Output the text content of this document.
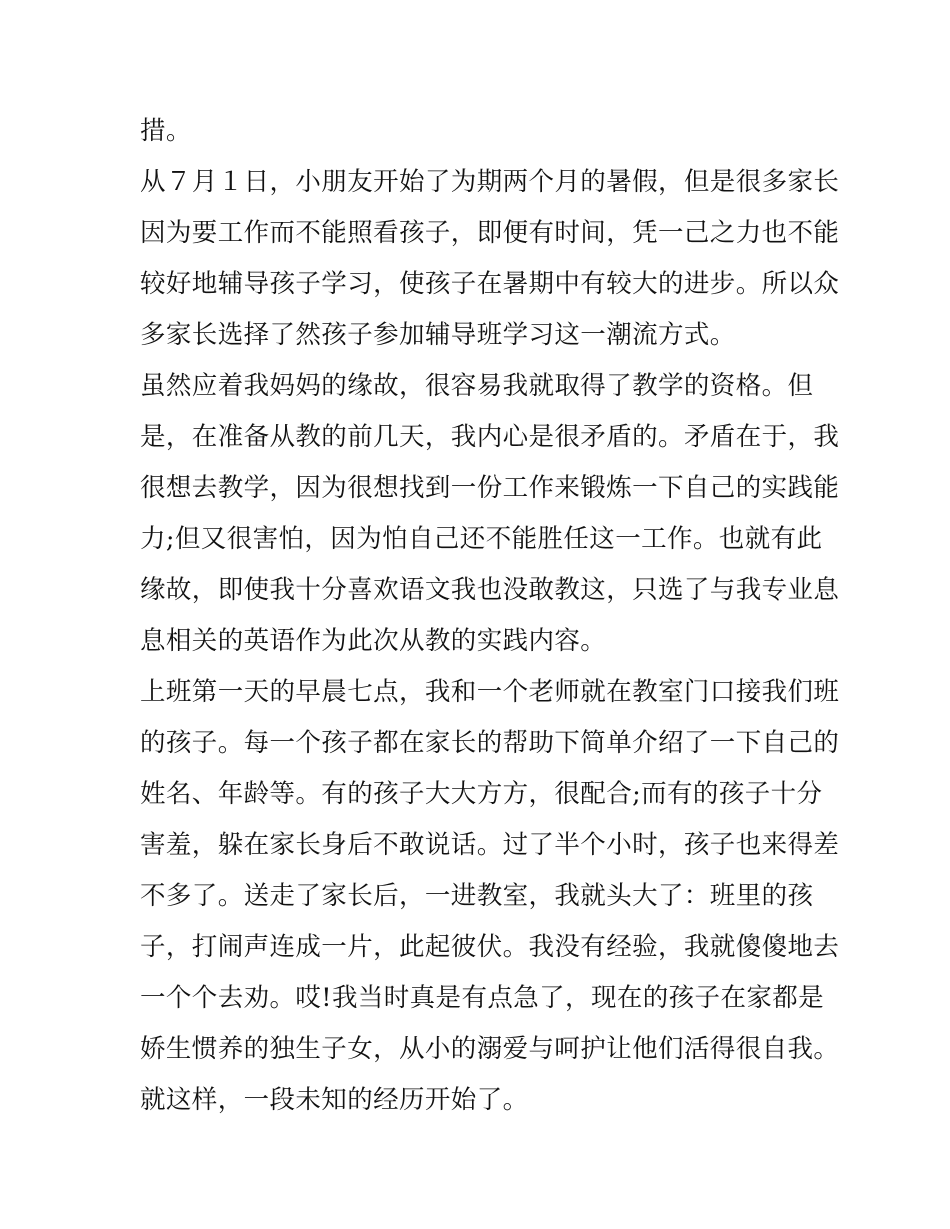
措。
从７月１日，小朋友开始了为期两个月的暑假，但是很多家长
因为要工作而不能照看孩子，即便有时间，凭一己之力也不能
较好地辅导孩子学习，使孩子在暑期中有较大的进步。所以众
多家长选择了然孩子参加辅导班学习这一潮流方式。
虽然应着我妈妈的缘故，很容易我就取得了教学的资格。但
是，在准备从教的前几天，我内心是很矛盾的。矛盾在于，我
很想去教学，因为很想找到一份工作来锻炼一下自己的实践能
力;但又很害怕，因为怕自己还不能胜任这一工作。也就有此
缘故，即使我十分喜欢语文我也没敢教这，只选了与我专业息
息相关的英语作为此次从教的实践内容。
上班第一天的早晨七点，我和一个老师就在教室门口接我们班
的孩子。每一个孩子都在家长的帮助下简单介绍了一下自己的
姓名、年龄等。有的孩子大大方方，很配合;而有的孩子十分
害羞，躲在家长身后不敢说话。过了半个小时，孩子也来得差
不多了。送走了家长后，一进教室，我就头大了：班里的孩
子，打闹声连成一片，此起彼伏。我没有经验，我就傻傻地去
一个个去劝。哎!我当时真是有点急了，现在的孩子在家都是
娇生惯养的独生子女，从小的溺爱与呵护让他们活得很自我。
就这样，一段未知的经历开始了。
